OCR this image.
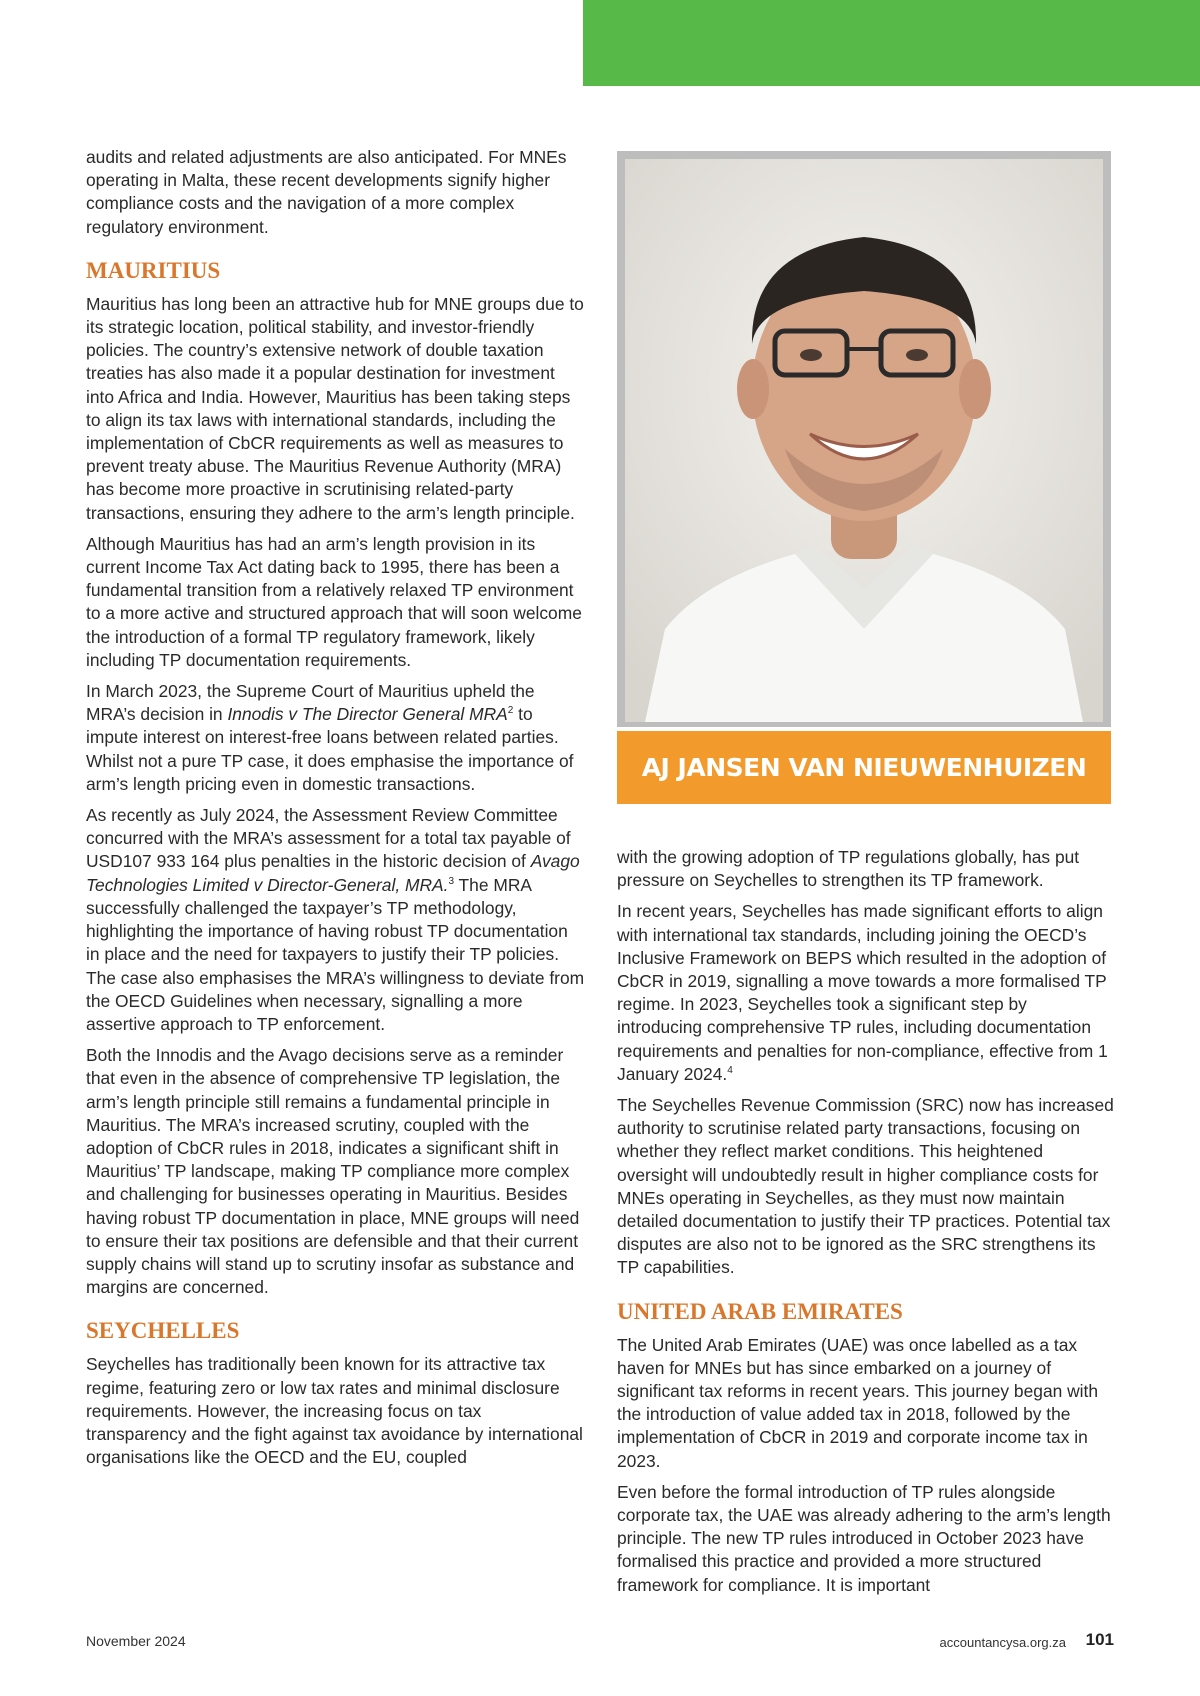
audits and related adjustments are also anticipated. For MNEs operating in Malta, these recent developments signify higher compliance costs and the navigation of a more complex regulatory environment.

MAURITIUS

Mauritius has long been an attractive hub for MNE groups due to its strategic location, political stability, and investor-friendly policies. The country’s extensive network of double taxation treaties has also made it a popular destination for investment into Africa and India. However, Mauritius has been taking steps to align its tax laws with international standards, including the implementation of CbCR requirements as well as measures to prevent treaty abuse. The Mauritius Revenue Authority (MRA) has become more proactive in scrutinising related-party transactions, ensuring they adhere to the arm’s length principle.

Although Mauritius has had an arm’s length provision in its current Income Tax Act dating back to 1995, there has been a fundamental transition from a relatively relaxed TP environment to a more active and structured approach that will soon welcome the introduction of a formal TP regulatory framework, likely including TP documentation requirements.

In March 2023, the Supreme Court of Mauritius upheld the MRA’s decision in Innodis v The Director General MRA$^2$ to impute interest on interest-free loans between related parties. Whilst not a pure TP case, it does emphasise the importance of arm’s length pricing even in domestic transactions.

As recently as July 2024, the Assessment Review Committee concurred with the MRA’s assessment for a total tax payable of USD107 933 164 plus penalties in the historic decision of Avago Technologies Limited v Director-General, MRA.$^3$ The MRA successfully challenged the taxpayer’s TP methodology, highlighting the importance of having robust TP documentation in place and the need for taxpayers to justify their TP policies. The case also emphasises the MRA’s willingness to deviate from the OECD Guidelines when necessary, signalling a more assertive approach to TP enforcement.

Both the Innodis and the Avago decisions serve as a reminder that even in the absence of comprehensive TP legislation, the arm’s length principle still remains a fundamental principle in Mauritius. The MRA’s increased scrutiny, coupled with the adoption of CbCR rules in 2018, indicates a significant shift in Mauritius’ TP landscape, making TP compliance more complex and challenging for businesses operating in Mauritius. Besides having robust TP documentation in place, MNE groups will need to ensure their tax positions are defensible and that their current supply chains will stand up to scrutiny insofar as substance and margins are concerned.

SEYCHELLES

Seychelles has traditionally been known for its attractive tax regime, featuring zero or low tax rates and minimal disclosure requirements. However, the increasing focus on tax transparency and the fight against tax avoidance by international organisations like the OECD and the EU, coupled

AJ JANSEN VAN NIEUWENHUIZEN

with the growing adoption of TP regulations globally, has put pressure on Seychelles to strengthen its TP framework.

In recent years, Seychelles has made significant efforts to align with international tax standards, including joining the OECD’s Inclusive Framework on BEPS which resulted in the adoption of CbCR in 2019, signalling a move towards a more formalised TP regime. In 2023, Seychelles took a significant step by introducing comprehensive TP rules, including documentation requirements and penalties for non-compliance, effective from 1 January 2024.$^4$

The Seychelles Revenue Commission (SRC) now has increased authority to scrutinise related party transactions, focusing on whether they reflect market conditions. This heightened oversight will undoubtedly result in higher compliance costs for MNEs operating in Seychelles, as they must now maintain detailed documentation to justify their TP practices. Potential tax disputes are also not to be ignored as the SRC strengthens its TP capabilities.

UNITED ARAB EMIRATES

The United Arab Emirates (UAE) was once labelled as a tax haven for MNEs but has since embarked on a journey of significant tax reforms in recent years. This journey began with the introduction of value added tax in 2018, followed by the implementation of CbCR in 2019 and corporate income tax in 2023.

Even before the formal introduction of TP rules alongside corporate tax, the UAE was already adhering to the arm’s length principle. The new TP rules introduced in October 2023 have formalised this practice and provided a more structured framework for compliance. It is important

November 2024	accountancysa.org.za 101
